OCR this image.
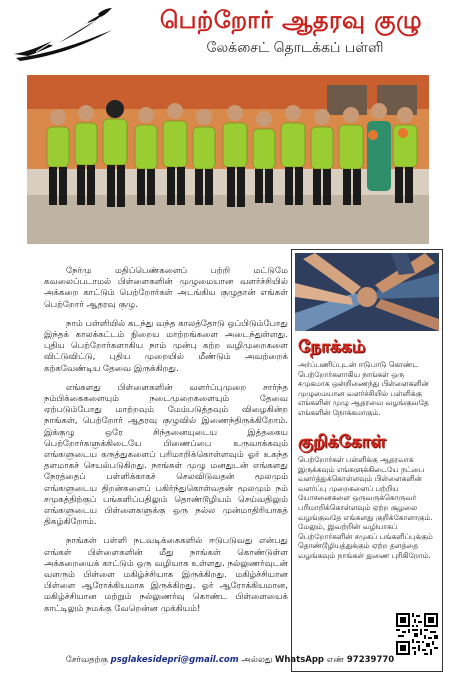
பெற்றோர் ஆதரவு குழு
லேக்சைட் தொடக்கப் பள்ளி

நேர்மு மதிப்பெண்களைப் பற்றி மட்டுமே கவலைப்படாமல் பிள்ளைகளின் முழுமையான வளர்ச்சியில் அக்கறை காட்டும் பெற்றோர்கள் அடங்கிய குழுதான் எங்கள் பெற்றோர் ஆதரவு குழு.

நாம் பள்ளியில் கடந்து வந்த காலத்தோடு ஒப்பிடும்போது இந்தக் காலக்கட்டம் நிறைய மாற்றங்களை அடைந்துள்ளது. புதிய பெற்றோர்களாகிய நாம் முன்பு கற்ற வழிமுறைகளை விட்டுவிட்டு, புதிய முறையில் மீண்டும் அவற்றைக் கற்கவேண்டிய தேவை இருக்கிறது.

எங்களது பிள்ளைகளின் வளர்ப்புமுறை சார்ந்த நம்பிக்கைகளையும் நடைமுறைகளையும் தேவை ஏற்படும்போது மாற்றவும் மேம்படுத்தவும் விழைகின்ற நாங்கள், பெற்றோர் ஆதரவு குழுவில் இணைந்திருக்கிறோம். இக்குழு ஒரே சிந்தனையுடைய இத்தகைய பெற்றோர்களுக்கிடையே பிணைப்பை உருவாக்கவும் எங்களுடைய கருத்துகளைப் பரிமாறிக்கொள்ளவும் ஓர் உகந்த தளமாகச் செயல்படுகிறது. நாங்கள் முழு மனதுடன் எங்களது நேரத்தைப் பள்ளிக்காகச் செலவிடுவதன் மூலமும் எங்களுடைய திறன்களைப் பகிர்ந்துகொள்வதன் மூலமும் நம் சமுகத்திற்குப் பங்களிப்பதிலும் தொண்டூழியம் செய்வதிலும் எங்களுடைய பிள்ளைகளுக்கு ஒரு நல்ல முன்மாதிரியாகத் திகழ்கிறோம்.

நாங்கள் பள்ளி நடவடிக்கைகளில் ஈடுபடுவது என்பது எங்கள் பிள்ளைகளின் மீது நாங்கள் கொண்டுள்ள அக்கறையைக் காட்டும் ஒரு வழியாக உள்ளது. நல்லுணர்வுடன் வளரும் பிள்ளை மகிழ்ச்சியாக இருக்கிறது. மகிழ்ச்சியான பிள்ளை ஆரோக்கியமாக இருக்கிறது. ஓர் ஆரோக்கியமான, மகிழ்ச்சியான மற்றும் நல்லுணர்வு கொண்ட பிள்ளையைக் காட்டிலும் நமக்கு வேறென்ன முக்கியம்!

நோக்கம்
அர்ப்பணிப்புடன் ஈடுபாடு கொண்ட பெற்றோர்களாகிய நாங்கள் ஒரு சமுகமாக ஒன்றிணைந்து பிள்ளைகளின் முழுமையான வளர்ச்சியில் பள்ளிக்கு எங்களின் முழு ஆதரவை வழங்குவதே எங்களின் நோக்கமாகும்.
குறிக்கோள்
பெற்றோர்கள் பள்ளிக்கு ஆதரவாக இருக்கவும் எங்களுக்கிடையே நட்பை வளர்த்துக்கொள்ளவும் பிள்ளைகளின் வளர்ப்பு முறைகளைப் பற்றிய யோசனைகளை ஒருவருக்கொருவர் பரிமாறிக்கொள்ளவும் ஏற்ற சூழலை வழங்குவதே எங்களது குறிக்கோளாகும். மேலும், இவற்றின் வழியாகப் பெற்றோர்களின் சமுகப் பங்களிப்புக்கும் தொண்டூழியத்துக்கும் ஏற்ற தளத்தை வழங்கவும் நாங்கள் துணை புரிகிறோம்.
சேர்வதற்கு psglakesidepri@gmail.com அல்லது WhatsApp எண் 97239770
